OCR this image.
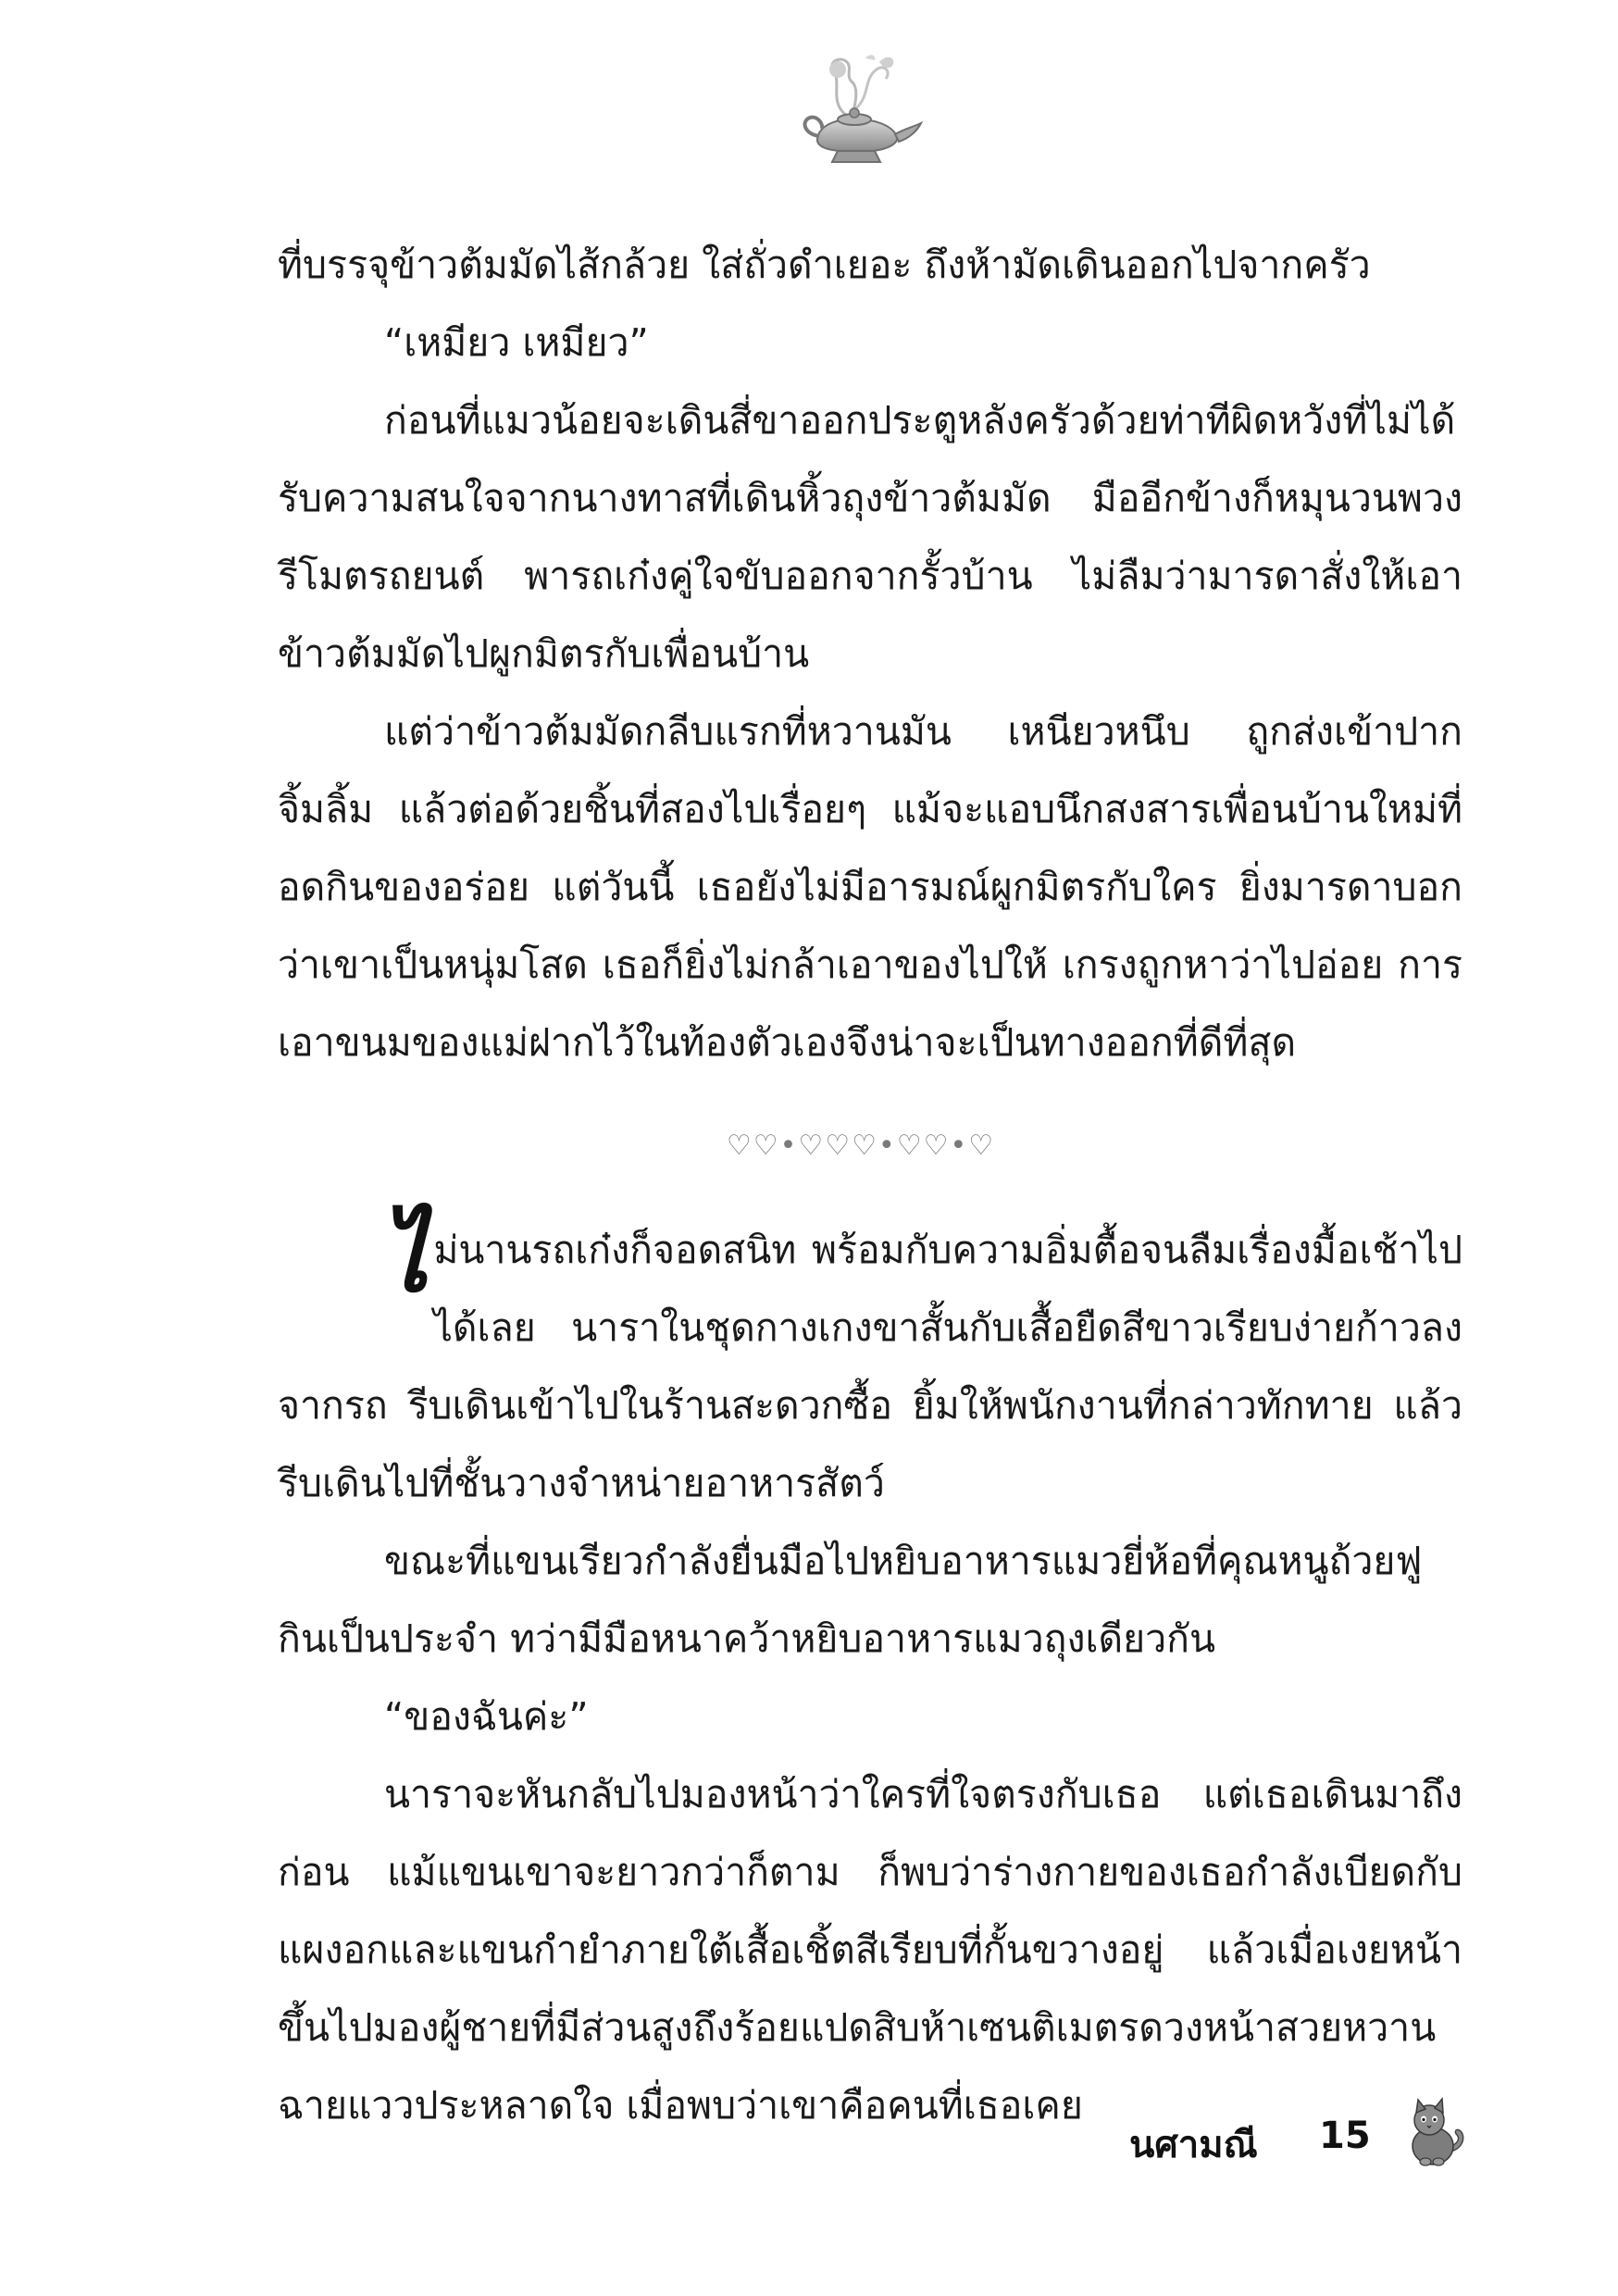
ที่บรรจุข้าวต้มมัดไส้กล้วย ใส่ถั่วดำเยอะ ถึงห้ามัดเดินออกไปจากครัว

“เหมียว เหมียว”

ก่อนที่แมวน้อยจะเดินสี่ขาออกประตูหลังครัวด้วยท่าทีผิดหวังที่ไม่ได้รับความสนใจจากนางทาสที่เดินหิ้วถุงข้าวต้มมัด มืออีกข้างก็หมุนวนพวงรีโมตรถยนต์ พารถเก๋งคู่ใจขับออกจากรั้วบ้าน ไม่ลืมว่ามารดาสั่งให้เอาข้าวต้มมัดไปผูกมิตรกับเพื่อนบ้าน

แต่ว่าข้าวต้มมัดกลีบแรกที่หวานมัน เหนียวหนึบ ถูกส่งเข้าปากจิ้มลิ้ม แล้วต่อด้วยชิ้นที่สองไปเรื่อยๆ แม้จะแอบนึกสงสารเพื่อนบ้านใหม่ที่อดกินของอร่อย แต่วันนี้ เธอยังไม่มีอารมณ์ผูกมิตรกับใคร ยิ่งมารดาบอกว่าเขาเป็นหนุ่มโสด เธอก็ยิ่งไม่กล้าเอาของไปให้ เกรงถูกหาว่าไปอ่อย การเอาขนมของแม่ฝากไว้ในท้องตัวเองจึงน่าจะเป็นทางออกที่ดีที่สุด

♡♡•♡♡♡•♡♡•♡

ไ ม่นานรถเก๋งก็จอดสนิท พร้อมกับความอิ่มตื้อจนลืมเรื่องมื้อเช้าไปได้เลย นาราในชุดกางเกงขาสั้นกับเสื้อยืดสีขาวเรียบง่ายก้าวลงจากรถ รีบเดินเข้าไปในร้านสะดวกซื้อ ยิ้มให้พนักงานที่กล่าวทักทาย แล้วรีบเดินไปที่ชั้นวางจำหน่ายอาหารสัตว์

ขณะที่แขนเรียวกำลังยื่นมือไปหยิบอาหารแมวยี่ห้อที่คุณหนูถ้วยฟูกินเป็นประจำ ทว่ามีมือหนาคว้าหยิบอาหารแมวถุงเดียวกัน

“ของฉันค่ะ”

นาราจะหันกลับไปมองหน้าว่าใครที่ใจตรงกับเธอ แต่เธอเดินมาถึงก่อน แม้แขนเขาจะยาวกว่าก็ตาม ก็พบว่าร่างกายของเธอกำลังเบียดกับแผงอกและแขนกำยำภายใต้เสื้อเชิ้ตสีเรียบที่กั้นขวางอยู่ แล้วเมื่อเงยหน้าขึ้นไปมองผู้ชายที่มีส่วนสูงถึงร้อยแปดสิบห้าเซนติเมตรดวงหน้าสวยหวานฉายแววประหลาดใจ เมื่อพบว่าเขาคือคนที่เธอเคย

นศามณี 15
